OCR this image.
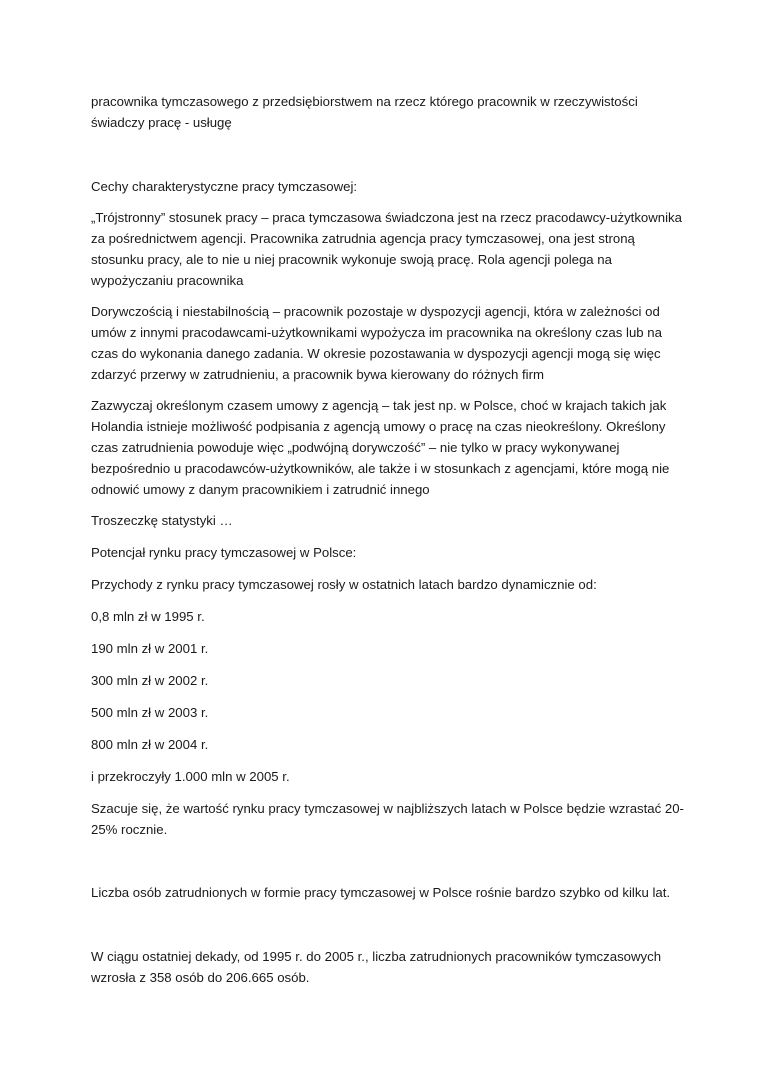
pracownika tymczasowego z przedsiębiorstwem na rzecz którego pracownik w rzeczywistości

świadczy pracę - usługę

Cechy charakterystyczne pracy tymczasowej:

„Trójstronny” stosunek pracy – praca tymczasowa świadczona jest na rzecz pracodawcy-użytkownika

za pośrednictwem agencji. Pracownika zatrudnia agencja pracy tymczasowej, ona jest stroną

stosunku pracy, ale to nie u niej pracownik wykonuje swoją pracę. Rola agencji polega na

wypożyczaniu pracownika

Dorywczością i niestabilnością – pracownik pozostaje w dyspozycji agencji, która w zależności od

umów z innymi pracodawcami-użytkownikami wypożycza im pracownika na określony czas lub na

czas do wykonania danego zadania. W okresie pozostawania w dyspozycji agencji mogą się więc

zdarzyć przerwy w zatrudnieniu, a pracownik bywa kierowany do różnych firm

Zazwyczaj określonym czasem umowy z agencją – tak jest np. w Polsce, choć w krajach takich jak

Holandia istnieje możliwość podpisania z agencją umowy o pracę na czas nieokreślony. Określony

czas zatrudnienia powoduje więc „podwójną dorywczość” – nie tylko w pracy wykonywanej

bezpośrednio u pracodawców-użytkowników, ale także i w stosunkach z agencjami, które mogą nie

odnowić umowy z danym pracownikiem i zatrudnić innego

Troszeczkę statystyki …

Potencjał rynku pracy tymczasowej w Polsce:

Przychody z rynku pracy tymczasowej rosły w ostatnich latach bardzo dynamicznie od:

0,8 mln zł w 1995 r.

190 mln zł w 2001 r.

300 mln zł w 2002 r.

500 mln zł w 2003 r.

800 mln zł w 2004 r.

i przekroczyły 1.000 mln w 2005 r.

Szacuje się, że wartość rynku pracy tymczasowej w najbliższych latach w Polsce będzie wzrastać 20-

25% rocznie.

Liczba osób zatrudnionych w formie pracy tymczasowej w Polsce rośnie bardzo szybko od kilku lat.

W ciągu ostatniej dekady, od 1995 r. do 2005 r., liczba zatrudnionych pracowników tymczasowych

wzrosła z 358 osób do 206.665 osób.
